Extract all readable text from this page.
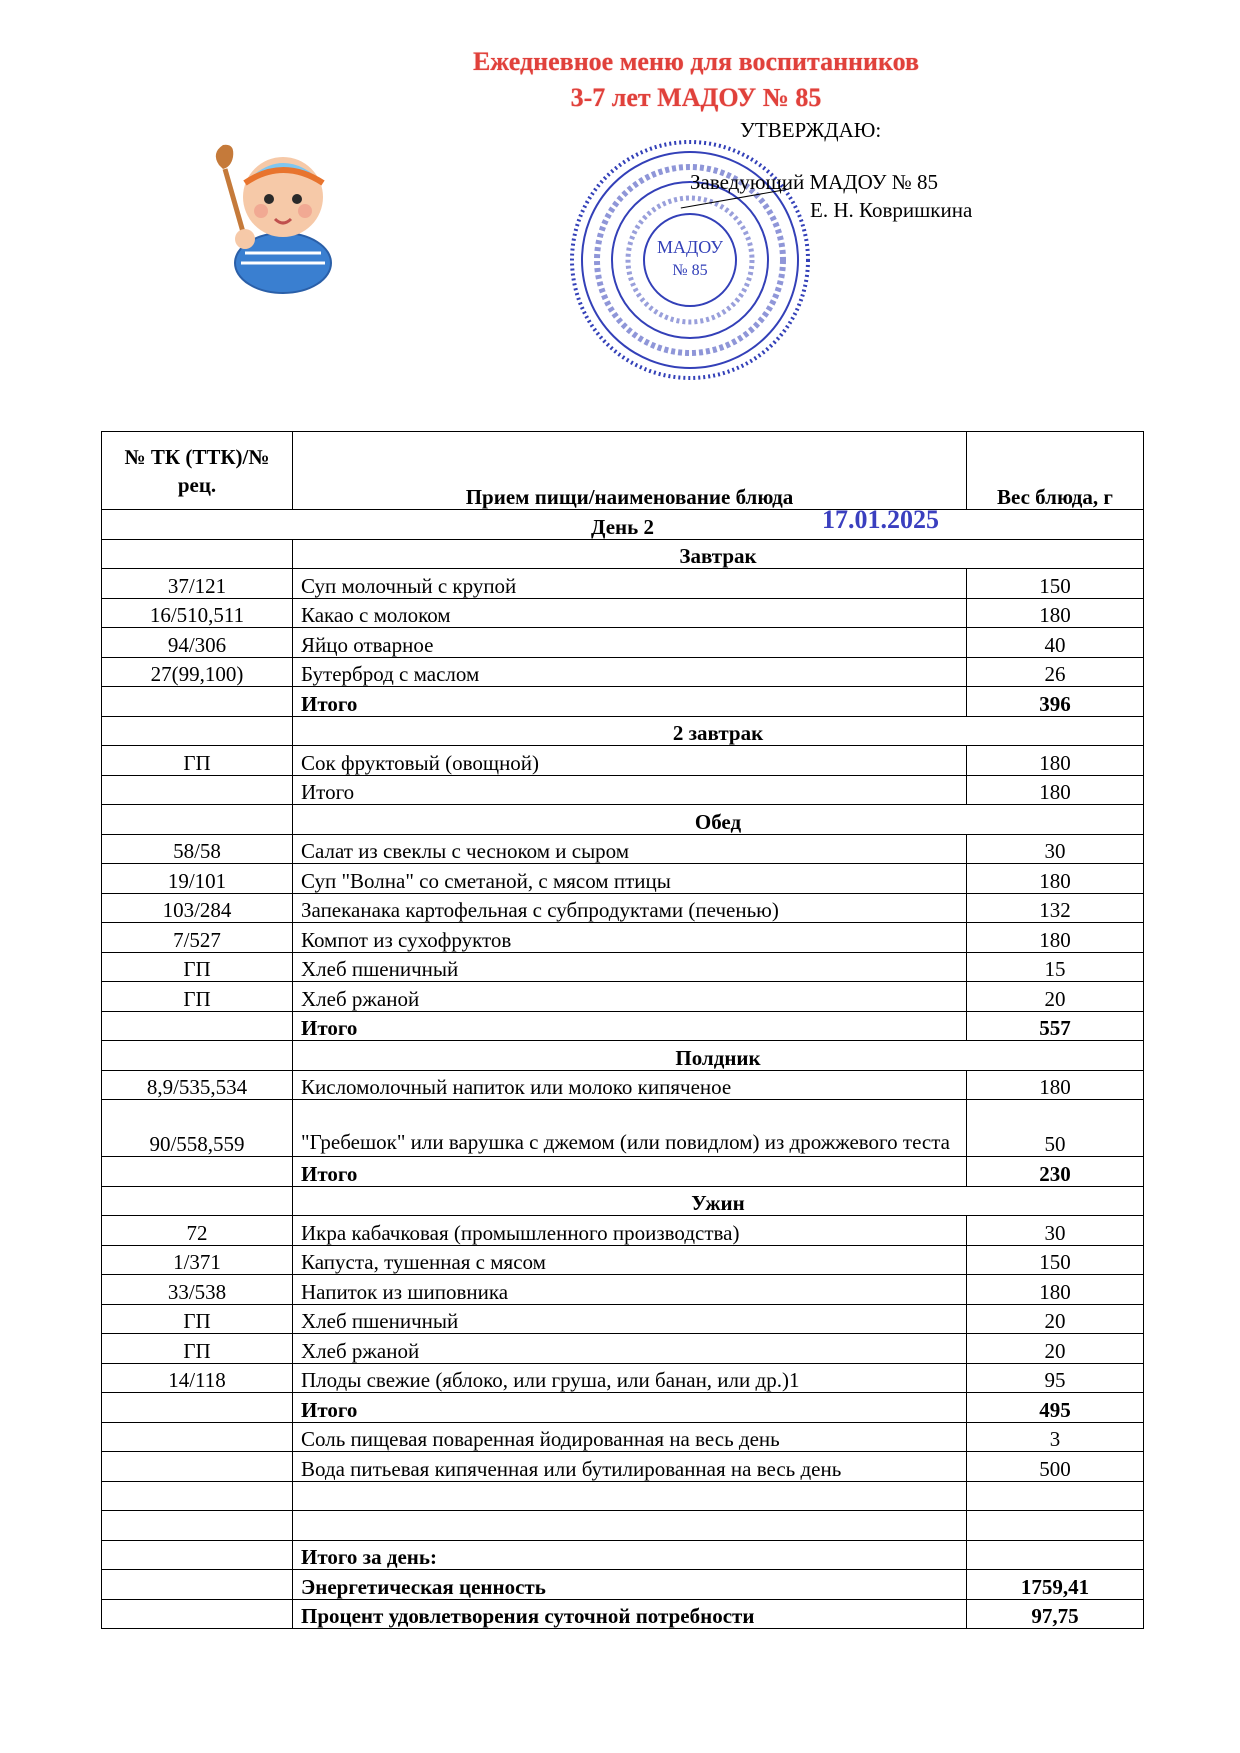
Ежедневное меню для воспитанников
3-7 лет МАДОУ № 85
МАДОУ
№ 85
УТВЕРЖДАЮ:
Заведующий МАДОУ № 85
Е. Н. Ковришкина
№ ТК (ТТК)/№ рец.	Прием пищи/наименование блюда	Вес блюда, г
День 2 17.01.2025		

	Завтрак	
37/121	Суп молочный с крупой	150
16/510,511	Какао с молоком	180
94/306	Яйцо отварное	40
27(99,100)	Бутерброд с маслом	26
	Итого	396
	2 завтрак	
ГП	Сок фруктовый (овощной)	180
	Итого	180
	Обед	
58/58	Салат из свеклы с чесноком и сыром	30
19/101	Суп "Волна" со сметаной, с мясом птицы	180
103/284	Запеканака картофельная с субпродуктами (печенью)	132
7/527	Компот из сухофруктов	180
ГП	Хлеб пшеничный	15
ГП	Хлеб ржаной	20
	Итого	557
	Полдник	
8,9/535,534	Кисломолочный напиток или молоко кипяченое	180
90/558,559	"Гребешок" или варушка с джемом (или повидлом) из дрожжевого теста	50
	Итого	230
	Ужин	
72	Икра кабачковая (промышленного производства)	30
1/371	Капуста, тушенная с мясом	150
33/538	Напиток из шиповника	180
ГП	Хлеб пшеничный	20
ГП	Хлеб ржаной	20
14/118	Плоды свежие (яблоко, или груша, или банан, или др.)1	95
	Итого	495
	Соль пищевая поваренная йодированная на весь день	3
	Вода питьевая кипяченная или бутилированная на весь день	500

	Итого за день:	
	Энергетическая ценность	1759,41
	Процент удовлетворения суточной потребности	97,75
